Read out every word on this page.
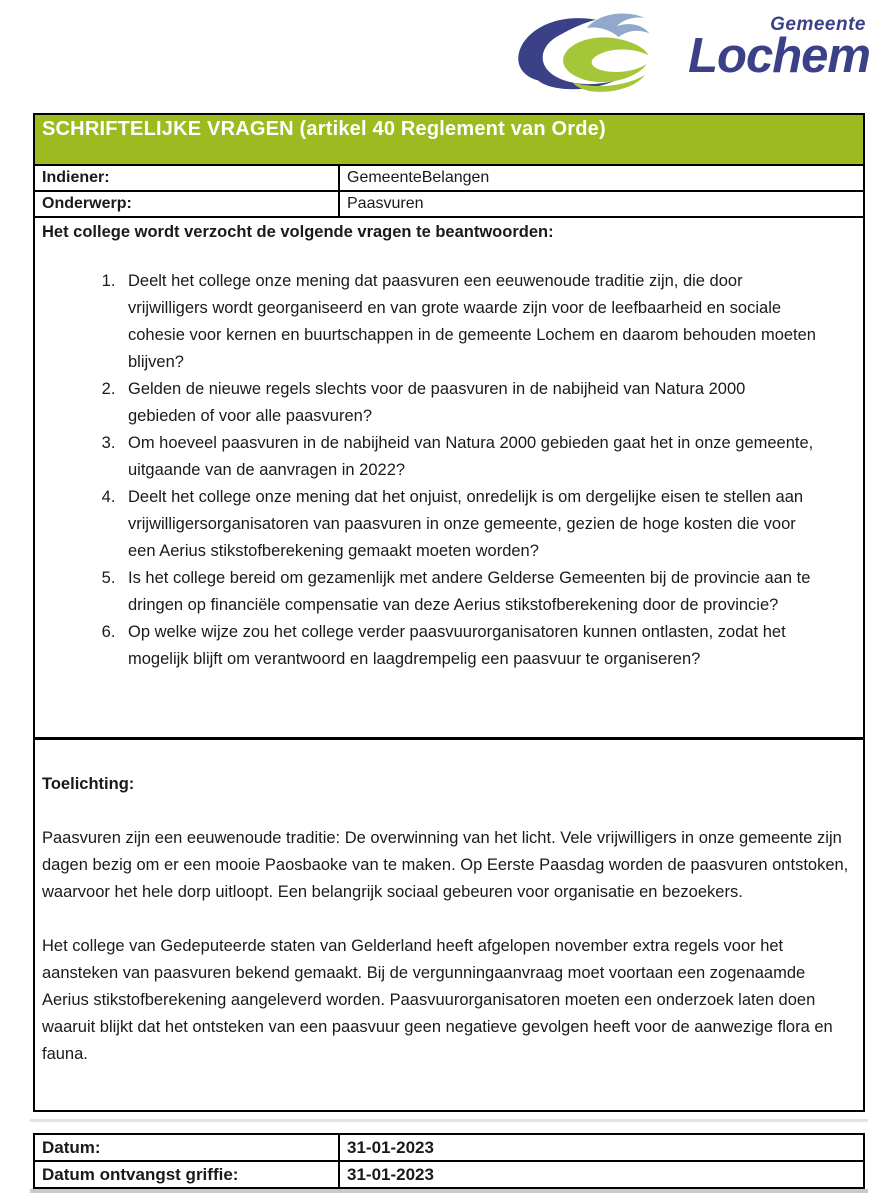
Gemeente
Lochem
SCHRIFTELIJKE VRAGEN (artikel 40 Reglement van Orde)
Indiener:	GemeenteBelangen
Onderwerp:	Paasvuren

Het college wordt verzocht de volgende vragen te beantwoorden:

1. Deelt het college onze mening dat paasvuren een eeuwenoude traditie zijn, die door vrijwilligers wordt georganiseerd en van grote waarde zijn voor de leefbaarheid en sociale cohesie voor kernen en buurtschappen in de gemeente Lochem en daarom behouden moeten blijven?
2. Gelden de nieuwe regels slechts voor de paasvuren in de nabijheid van Natura 2000 gebieden of voor alle paasvuren?
3. Om hoeveel paasvuren in de nabijheid van Natura 2000 gebieden gaat het in onze gemeente, uitgaande van de aanvragen in 2022?
4. Deelt het college onze mening dat het onjuist, onredelijk is om dergelijke eisen te stellen aan vrijwilligersorganisatoren van paasvuren in onze gemeente, gezien de hoge kosten die voor een Aerius stikstofberekening gemaakt moeten worden?
5. Is het college bereid om gezamenlijk met andere Gelderse Gemeenten bij de provincie aan te dringen op financiële compensatie van deze Aerius stikstofberekening door de provincie?
6. Op welke wijze zou het college verder paasvuurorganisatoren kunnen ontlasten, zodat het mogelijk blijft om verantwoord en laagdrempelig een paasvuur te organiseren?

Toelichting:

Paasvuren zijn een eeuwenoude traditie: De overwinning van het licht. Vele vrijwilligers in onze gemeente zijn dagen bezig om er een mooie Paosbaoke van te maken. Op Eerste Paasdag worden de paasvuren ontstoken, waarvoor het hele dorp uitloopt. Een belangrijk sociaal gebeuren voor organisatie en bezoekers.

Het college van Gedeputeerde staten van Gelderland heeft afgelopen november extra regels voor het aansteken van paasvuren bekend gemaakt. Bij de vergunningaanvraag moet voortaan een zogenaamde Aerius stikstofberekening aangeleverd worden. Paasvuurorganisatoren moeten een onderzoek laten doen waaruit blijkt dat het ontsteken van een paasvuur geen negatieve gevolgen heeft voor de aanwezige flora en fauna.

Datum:	31-01-2023
Datum ontvangst griffie:	31-01-2023
